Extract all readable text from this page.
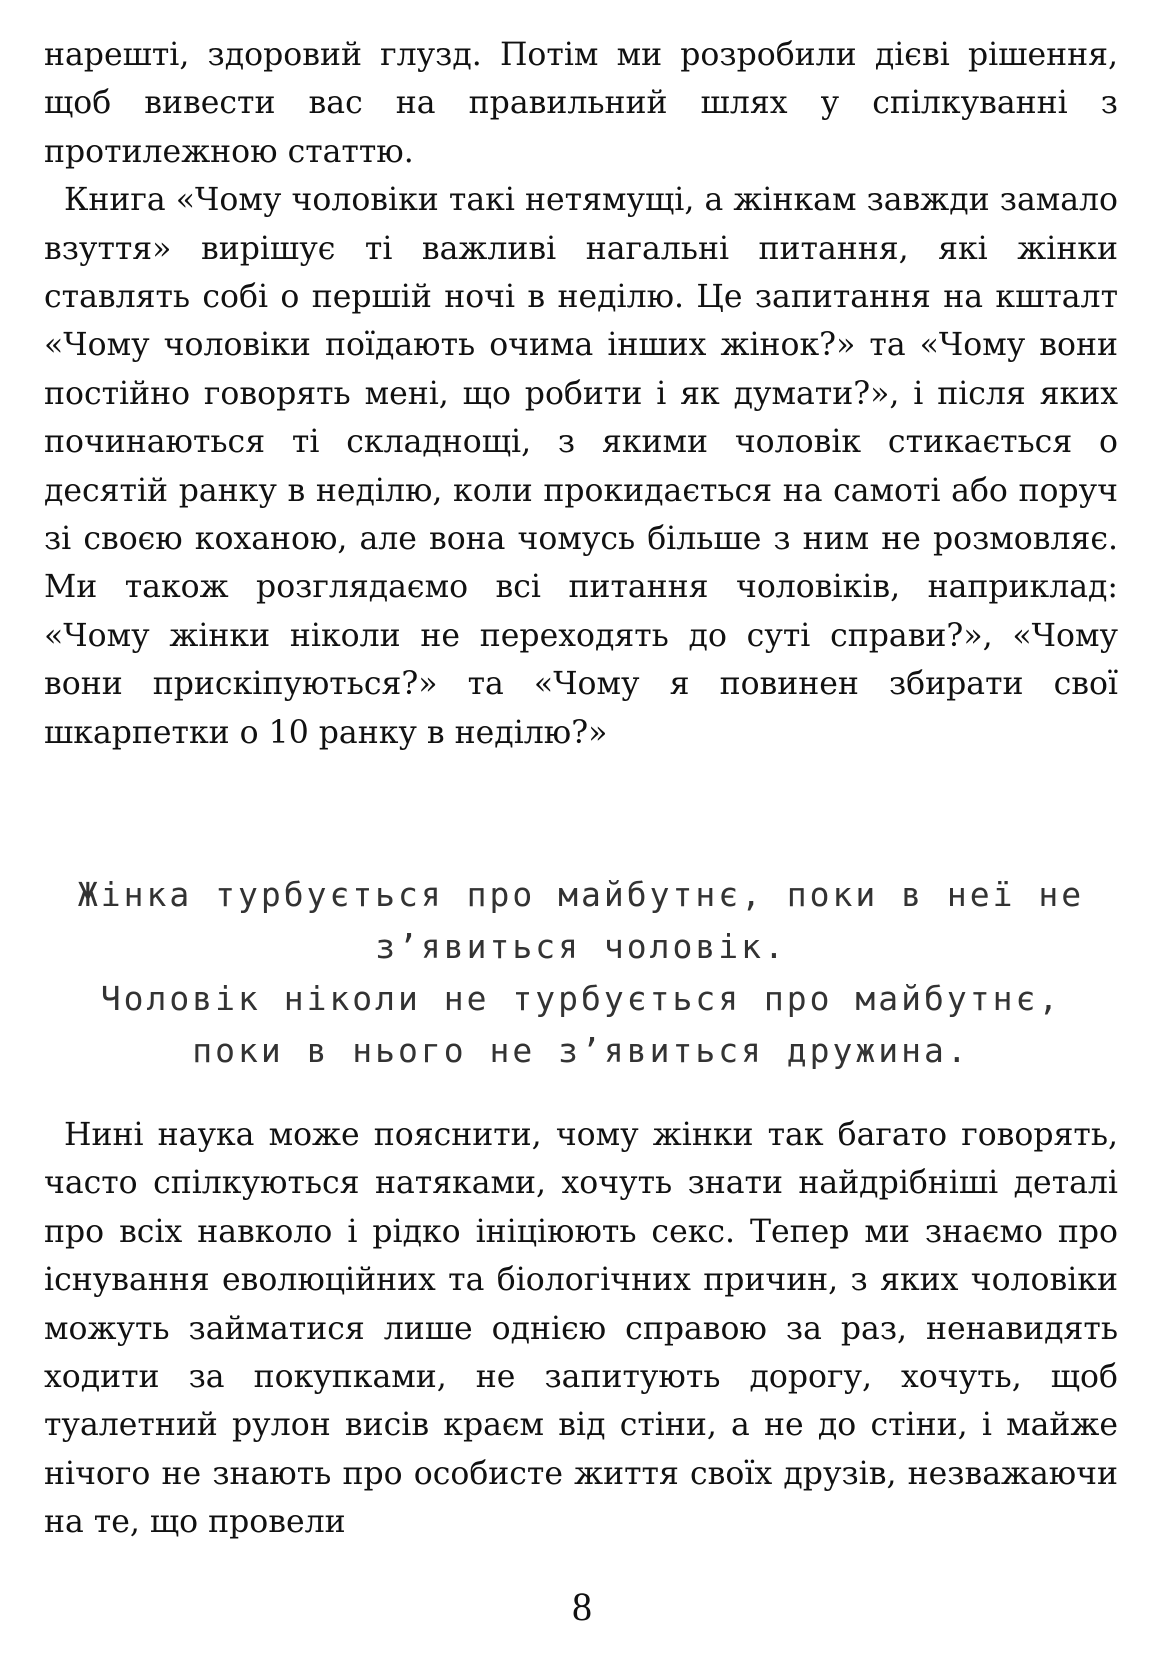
нарешті, здоровий глузд. Потім ми розробили дієві рішення, щоб вивести вас на правильний шлях у спілкуванні з протилежною статтю.

Книга «Чому чоловіки такі нетямущі, а жінкам завжди замало взуття» вирішує ті важливі нагальні питання, які жінки ставлять собі о першій ночі в неділю. Це запитання на кшталт «Чому чоловіки поїдають очима інших жінок?» та «Чому вони постійно говорять мені, що робити і як думати?», і після яких починаються ті складнощі, з якими чоловік стикається о десятій ранку в неділю, коли прокидається на самоті або поруч зі своєю коханою, але вона чомусь більше з ним не розмовляє. Ми також розглядаємо всі питання чоловіків, наприклад: «Чому жінки ніколи не переходять до суті справи?», «Чому вони прискіпуються?» та «Чому я повинен збирати свої шкарпетки о 10 ранку в неділю?»

Жінка турбується про майбутнє, поки в неї не з’явиться чоловік.

Чоловік ніколи не турбується про майбутнє, поки в нього не з’явиться дружина.

Нині наука може пояснити, чому жінки так багато говорять, часто спілкуються натяками, хочуть знати найдрібніші деталі про всіх навколо і рідко ініціюють секс. Тепер ми знаємо про існування еволюційних та біологічних причин, з яких чоловіки можуть займатися лише однією справою за раз, ненавидять ходити за покупками, не запитують дорогу, хочуть, щоб туалетний рулон висів краєм від стіни, а не до стіни, і майже нічого не знають про особисте життя своїх друзів, незважаючи на те, що провели

8
